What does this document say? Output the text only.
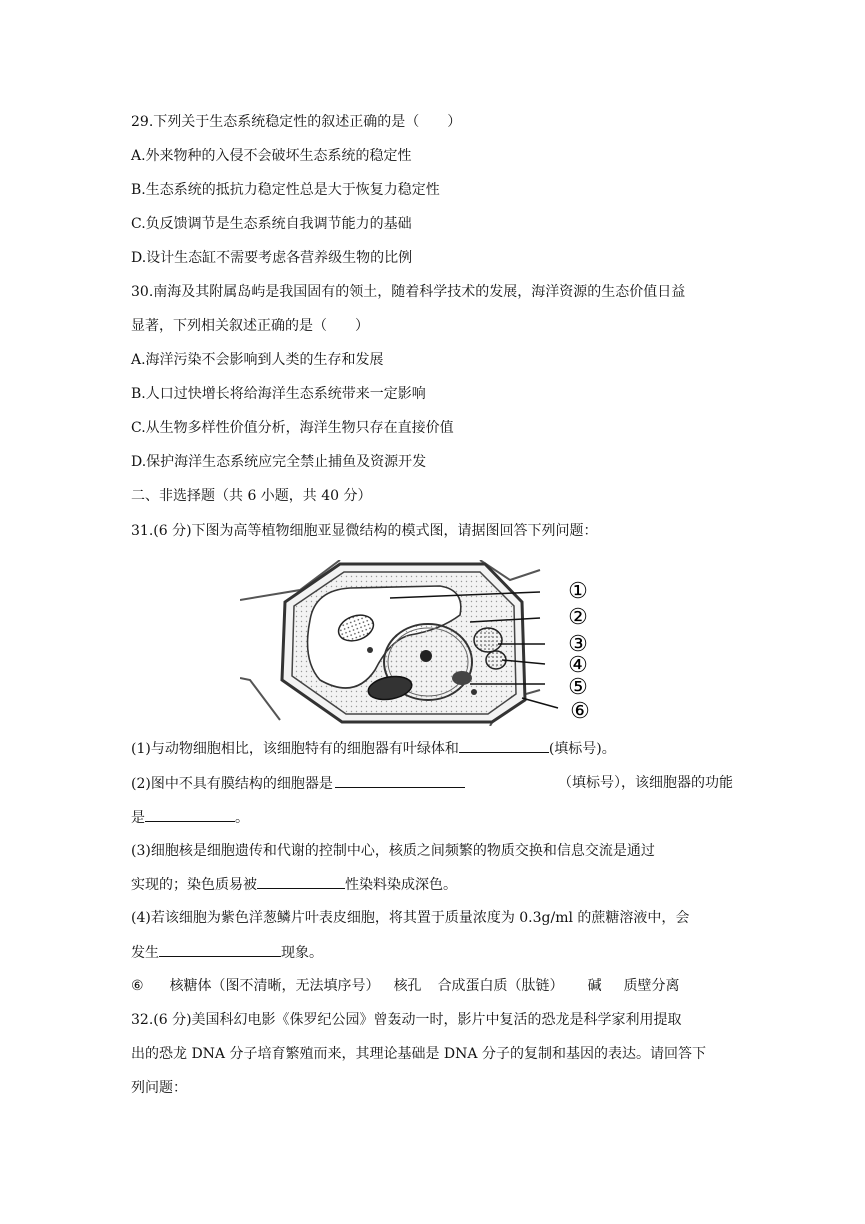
29.下列关于生态系统稳定性的叙述正确的是（　　）
A.外来物种的入侵不会破坏生态系统的稳定性
B.生态系统的抵抗力稳定性总是大于恢复力稳定性
C.负反馈调节是生态系统自我调节能力的基础
D.设计生态缸不需要考虑各营养级生物的比例
30.南海及其附属岛屿是我国固有的领土，随着科学技术的发展，海洋资源的生态价值日益
显著，下列相关叙述正确的是（　　）
A.海洋污染不会影响到人类的生存和发展
B.人口过快增长将给海洋生态系统带来一定影响
C.从生物多样性价值分析，海洋生物只存在直接价值
D.保护海洋生态系统应完全禁止捕鱼及资源开发
二、非选择题（共 6 小题，共 40 分）
31.(6 分)下图为高等植物细胞亚显微结构的模式图，请据图回答下列问题：
①
②
③
④
⑤
⑥
(1)与动物细胞相比，该细胞特有的细胞器有叶绿体和	(填标号)。
(2)图中不具有膜结构的细胞器是	（填标号），该细胞器的功能
是	。
(3)细胞核是细胞遗传和代谢的控制中心，核质之间频繁的物质交换和信息交流是通过
实现的；染色质易被	性染料染成深色。
(4)若该细胞为紫色洋葱鳞片叶表皮细胞，将其置于质量浓度为 0.3g/ml 的蔗糖溶液中，会
发生	现象。
⑥ 核糖体（图不清晰，无法填序号） 核孔 合成蛋白质（肽链） 碱 质壁分离
32.(6 分)美国科幻电影《侏罗纪公园》曾轰动一时，影片中复活的恐龙是科学家利用提取
出的恐龙 DNA 分子培育繁殖而来，其理论基础是 DNA 分子的复制和基因的表达。请回答下
列问题：
